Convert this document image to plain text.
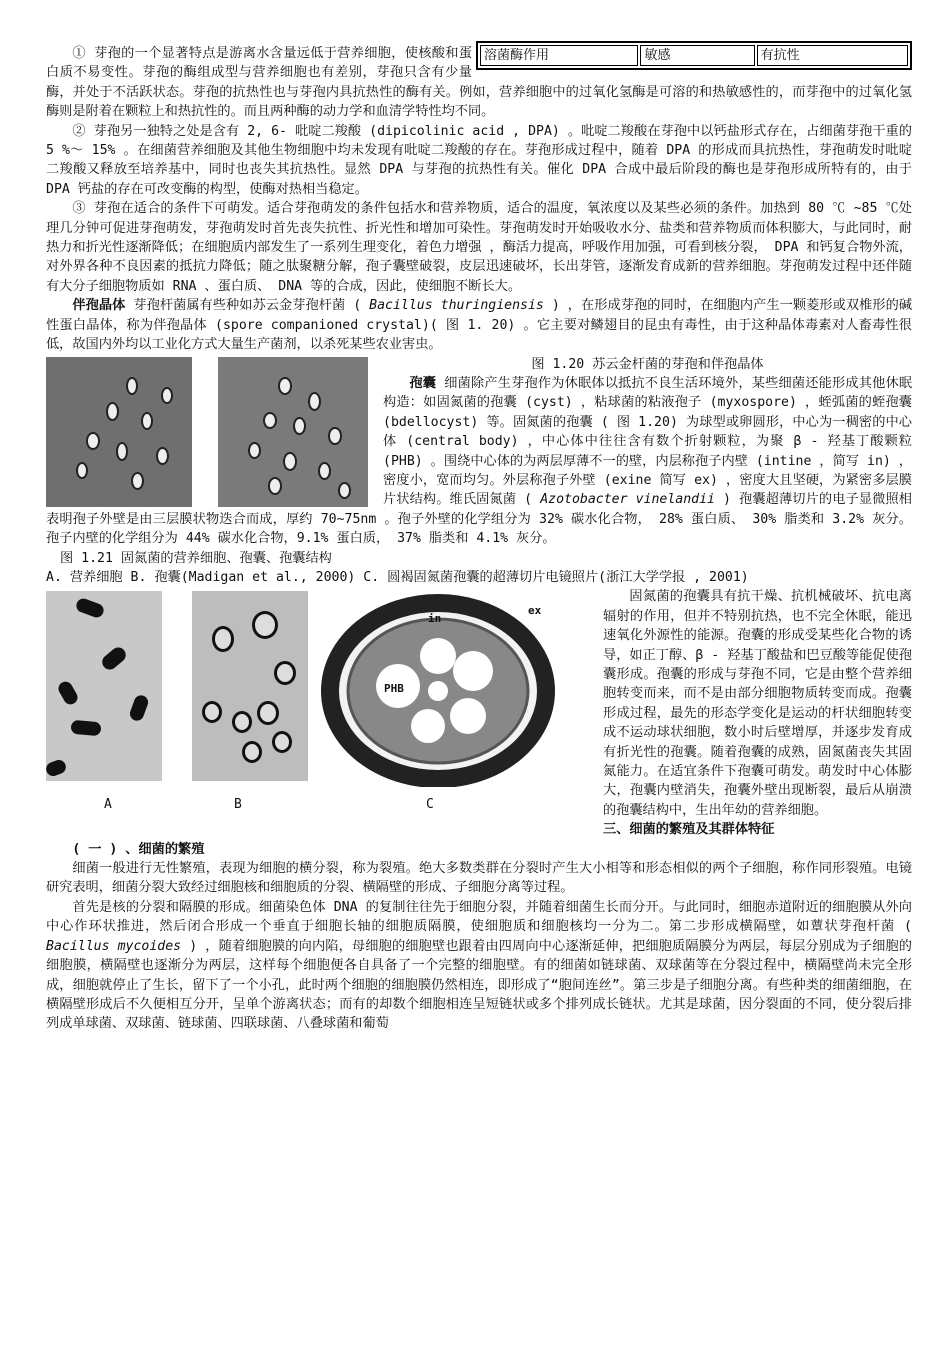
溶菌酶作用	敏感	有抗性

① 芽孢的一个显著特点是游离水含量远低于营养细胞，使核酸和蛋白质不易变性。芽孢的酶组成型与营养细胞也有差别，芽孢只含有少量酶，并处于不活跃状态。芽孢的抗热性也与芽孢内具抗热性的酶有关。例如，营养细胞中的过氧化氢酶是可溶的和热敏感性的，而芽孢中的过氧化氢酶则是附着在颗粒上和热抗性的。而且两种酶的动力学和血清学特性均不同。

② 芽孢另一独特之处是含有 2, 6- 吡啶二羧酸 (dipicolinic acid , DPA) 。吡啶二羧酸在芽孢中以钙盐形式存在，占细菌芽孢干重的 5 %～ 15% 。在细菌营养细胞及其他生物细胞中均未发现有吡啶二羧酸的存在。芽孢形成过程中，随着 DPA 的形成而具抗热性，芽孢萌发时吡啶二羧酸又释放至培养基中，同时也丧失其抗热性。显然 DPA 与芽孢的抗热性有关。催化 DPA 合成中最后阶段的酶也是芽孢形成所特有的，由于 DPA 钙盐的存在可改变酶的构型，使酶对热相当稳定。

③ 芽孢在适合的条件下可萌发。适合芽孢萌发的条件包括水和营养物质，适合的温度，氧浓度以及某些必须的条件。加热到 80 ℃ ~85 ℃处理几分钟可促进芽孢萌发，芽孢萌发时首先丧失抗性、折光性和增加可染性。芽孢萌发时开始吸收水分、盐类和营养物质而体积膨大，与此同时，耐热力和折光性逐渐降低；在细胞质内部发生了一系列生理变化，着色力增强 ，酶活力提高，呼吸作用加强，可看到核分裂， DPA 和钙复合物外流，对外界各种不良因素的抵抗力降低；随之肽聚糖分解，孢子囊壁破裂，皮层迅速破坏，长出芽管，逐渐发育成新的营养细胞。芽孢萌发过程中还伴随有大分子细胞物质如 RNA 、蛋白质、 DNA 等的合成，因此，使细胞不断长大。

伴孢晶体 芽孢杆菌属有些种如苏云金芽孢杆菌 ( Bacillus thuringiensis ) ，在形成芽孢的同时，在细胞内产生一颗菱形或双椎形的碱性蛋白晶体，称为伴孢晶体 (spore companioned crystal)( 图 1. 20) 。它主要对鳞翅目的昆虫有毒性，由于这种晶体毒素对人畜毒性很低，故国内外均以工业化方式大量生产菌剂，以杀死某些农业害虫。

图 1.20 苏云金杆菌的芽孢和伴孢晶体

孢囊 细菌除产生芽孢作为休眠体以抵抗不良生活环境外，某些细菌还能形成其他休眠构造：如固氮菌的孢囊 (cyst) ，粘球菌的粘液孢子 (myxospore) ，蛭弧菌的蛭孢囊 (bdellocyst) 等。固氮菌的孢囊 ( 图 1.20) 为球型或卵圆形，中心为一稠密的中心体 (central body) ，中心体中往往含有数个折射颗粒，为聚 β - 羟基丁酸颗粒 (PHB) 。围绕中心体的为两层厚薄不一的壁，内层称孢子内壁 (intine ，简写 in) ，密度小，宽而均匀。外层称孢子外壁 (exine 简写 ex) ，密度大且坚硬，为紧密多层膜片状结构。维氏固氮菌 ( Azotobacter vinelandii ) 孢囊超薄切片的电子显微照相表明孢子外壁是由三层膜状物迭合而成，厚约 70~75nm 。孢子外壁的化学组分为 32% 碳水化合物， 28% 蛋白质、 30% 脂类和 3.2% 灰分。孢子内壁的化学组分为 44% 碳水化合物，9.1% 蛋白质， 37% 脂类和 4.1% 灰分。

图 1.21 固氮菌的营养细胞、孢囊、孢囊结构

A. 营养细胞 B. 孢囊(Madigan et al., 2000) C. 圆褐固氮菌孢囊的超薄切片电镜照片(浙江大学学报 , 2001)

in
ex
PHB
A	B	C

固氮菌的孢囊具有抗干燥、抗机械破坏、抗电离辐射的作用，但并不特别抗热，也不完全休眠，能迅速氧化外源性的能源。孢囊的形成受某些化合物的诱导，如正丁醇、β - 羟基丁酸盐和巴豆酸等能促使孢囊形成。孢囊的形成与芽孢不同，它是由整个营养细胞转变而来，而不是由部分细胞物质转变而成。孢囊形成过程，最先的形态学变化是运动的杆状细胞转变成不运动球状细胞，数小时后壁增厚，并逐步发育成有折光性的孢囊。随着孢囊的成熟，固氮菌丧失其固氮能力。在适宜条件下孢囊可萌发。萌发时中心体膨大，孢囊内壁消失，孢囊外壁出现断裂，最后从崩溃的孢囊结构中，生出年幼的营养细胞。

三、细菌的繁殖及其群体特征

( 一 ) 、细菌的繁殖

细菌一般进行无性繁殖，表现为细胞的横分裂，称为裂殖。绝大多数类群在分裂时产生大小相等和形态相似的两个子细胞，称作同形裂殖。电镜研究表明，细菌分裂大致经过细胞核和细胞质的分裂、横隔壁的形成、子细胞分离等过程。

首先是核的分裂和隔膜的形成。细菌染色体 DNA 的复制往往先于细胞分裂，并随着细菌生长而分开。与此同时，细胞赤道附近的细胞膜从外向中心作环状推进，然后闭合形成一个垂直于细胞长轴的细胞质隔膜，使细胞质和细胞核均一分为二。第二步形成横隔壁，如蕈状芽孢杆菌 ( Bacillus mycoides ) ，随着细胞膜的向内陷，母细胞的细胞壁也跟着由四周向中心逐渐延伸，把细胞质隔膜分为两层，每层分别成为子细胞的细胞膜，横隔壁也逐渐分为两层，这样每个细胞便各自具备了一个完整的细胞壁。有的细菌如链球菌、双球菌等在分裂过程中，横隔壁尚未完全形成，细胞就停止了生长，留下了一个小孔，此时两个细胞的细胞膜仍然相连，即形成了“胞间连丝”。第三步是子细胞分离。有些种类的细菌细胞，在横隔壁形成后不久便相互分开，呈单个游离状态；而有的却数个细胞相连呈短链状或多个排列成长链状。尤其是球菌，因分裂面的不同，使分裂后排列成单球菌、双球菌、链球菌、四联球菌、八叠球菌和葡萄
